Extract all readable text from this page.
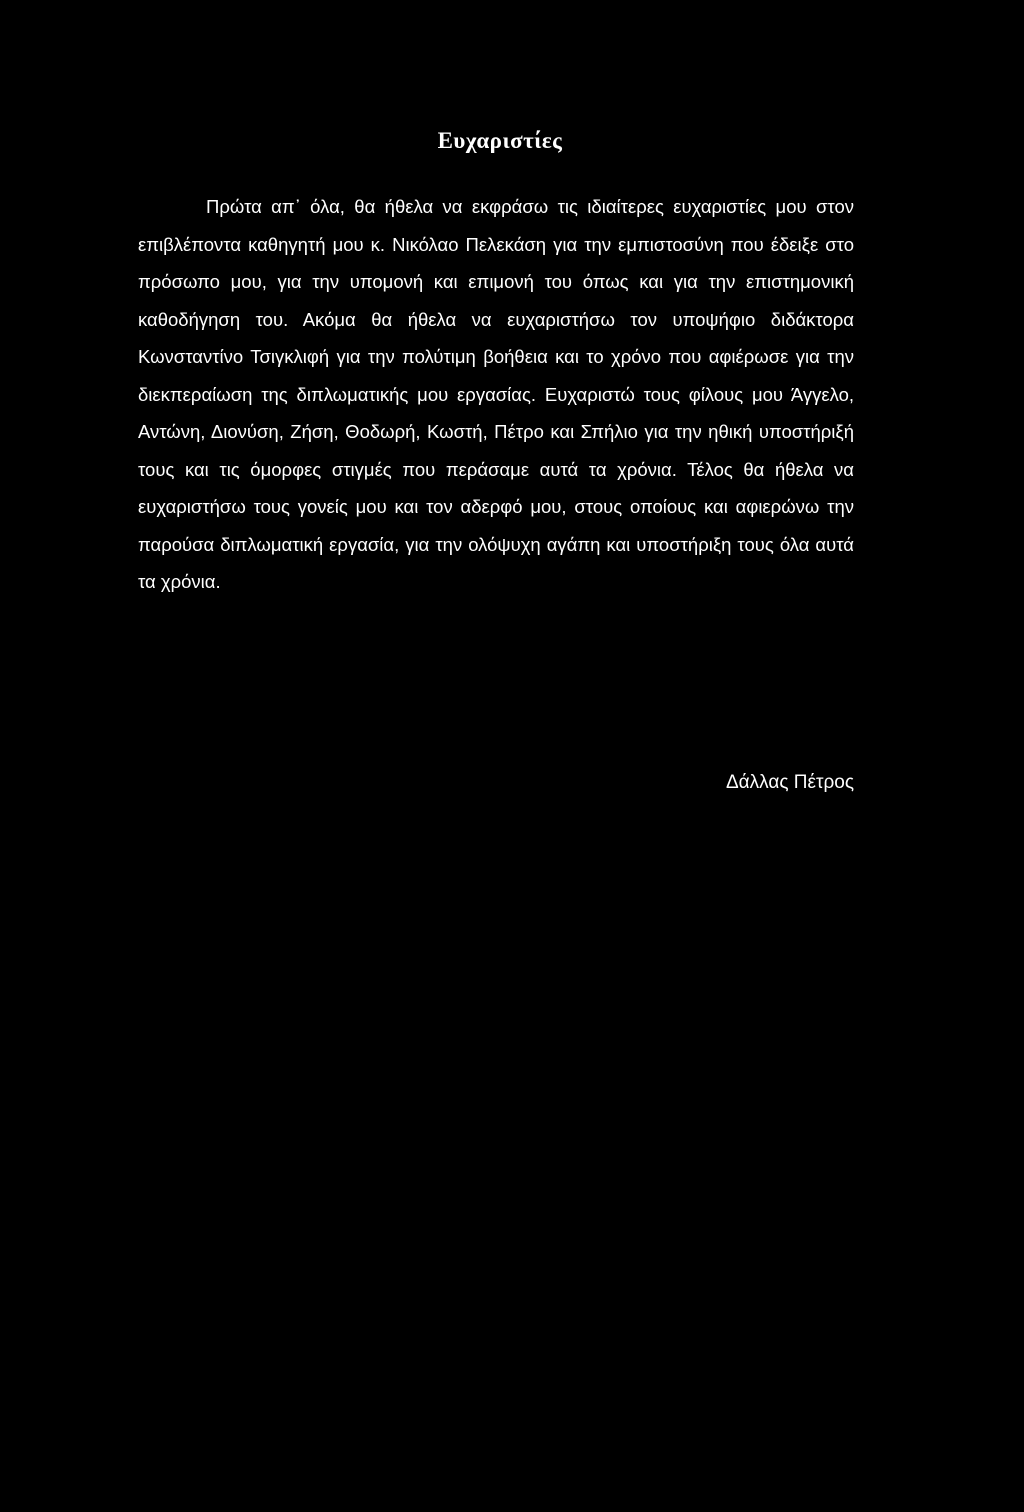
Ευχαριστίες

Πρώτα απ᾽ όλα, θα ήθελα να εκφράσω τις ιδιαίτερες ευχαριστίες μου στον επιβλέποντα καθηγητή μου κ. Νικόλαο Πελεκάση για την εμπιστοσύνη που έδειξε στο πρόσωπο μου, για την υπομονή και επιμονή του όπως και για την επιστημονική καθοδήγηση του. Ακόμα θα ήθελα να ευχαριστήσω τον υποψήφιο διδάκτορα Κωνσταντίνο Τσιγκλιφή για την πολύτιμη βοήθεια και το χρόνο που αφιέρωσε για την διεκπεραίωση της διπλωματικής μου εργασίας. Ευχαριστώ τους φίλους μου Άγγελο, Αντώνη, Διονύση, Ζήση, Θοδωρή, Κωστή, Πέτρο και Σπήλιο για την ηθική υποστήριξή τους και τις όμορφες στιγμές που περάσαμε αυτά τα χρόνια. Τέλος θα ήθελα να ευχαριστήσω τους γονείς μου και τον αδερφό μου, στους οποίους και αφιερώνω την παρούσα διπλωματική εργασία, για την ολόψυχη αγάπη και υποστήριξη τους όλα αυτά τα χρόνια.

Δάλλας Πέτρος
